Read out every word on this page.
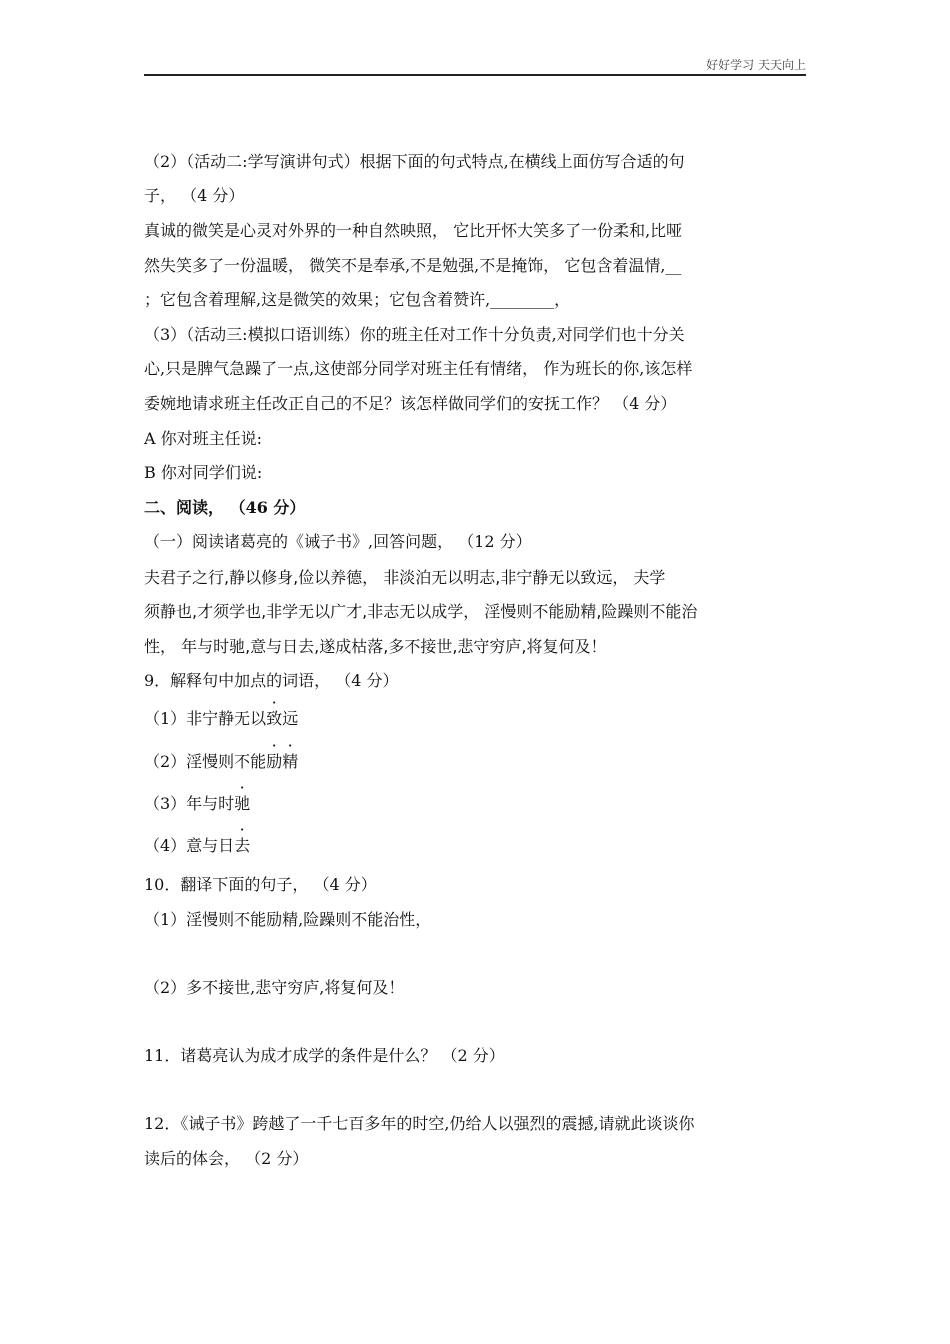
好好学习 天天向上
（2）（活动二:学写演讲句式）根据下面的句式特点,在横线上面仿写合适的句
子， （4 分）
真诚的微笑是心灵对外界的一种自然映照， 它比开怀大笑多了一份柔和,比哑
然失笑多了一份温暖， 微笑不是奉承,不是勉强,不是掩饰， 它包含着温情,__
；它包含着理解,这是微笑的效果；它包含着赞许,________，
（3）（活动三:模拟口语训练）你的班主任对工作十分负责,对同学们也十分关
心,只是脾气急躁了一点,这使部分同学对班主任有情绪， 作为班长的你,该怎样
委婉地请求班主任改正自己的不足？该怎样做同学们的安抚工作？ （4 分）
A 你对班主任说:
B 你对同学们说:
二、阅读， （46 分）
（一）阅读诸葛亮的《诫子书》,回答问题， （12 分）
夫君子之行,静以修身,俭以养德， 非淡泊无以明志,非宁静无以致远， 夫学
须静也,才须学也,非学无以广才,非志无以成学， 淫慢则不能励精,险躁则不能治
性， 年与时驰,意与日去,遂成枯落,多不接世,悲守穷庐,将复何及！
9．解释句中加点的词语， （4 分）
（1）非宁静无以致远
（2）淫慢则不能励精
（3）年与时驰
（4）意与日去
10．翻译下面的句子， （4 分）
（1）淫慢则不能励精,险躁则不能治性，
（2）多不接世,悲守穷庐,将复何及！
11．诸葛亮认为成才成学的条件是什么？ （2 分）
12．《诫子书》跨越了一千七百多年的时空,仍给人以强烈的震撼,请就此谈谈你
读后的体会， （2 分）
